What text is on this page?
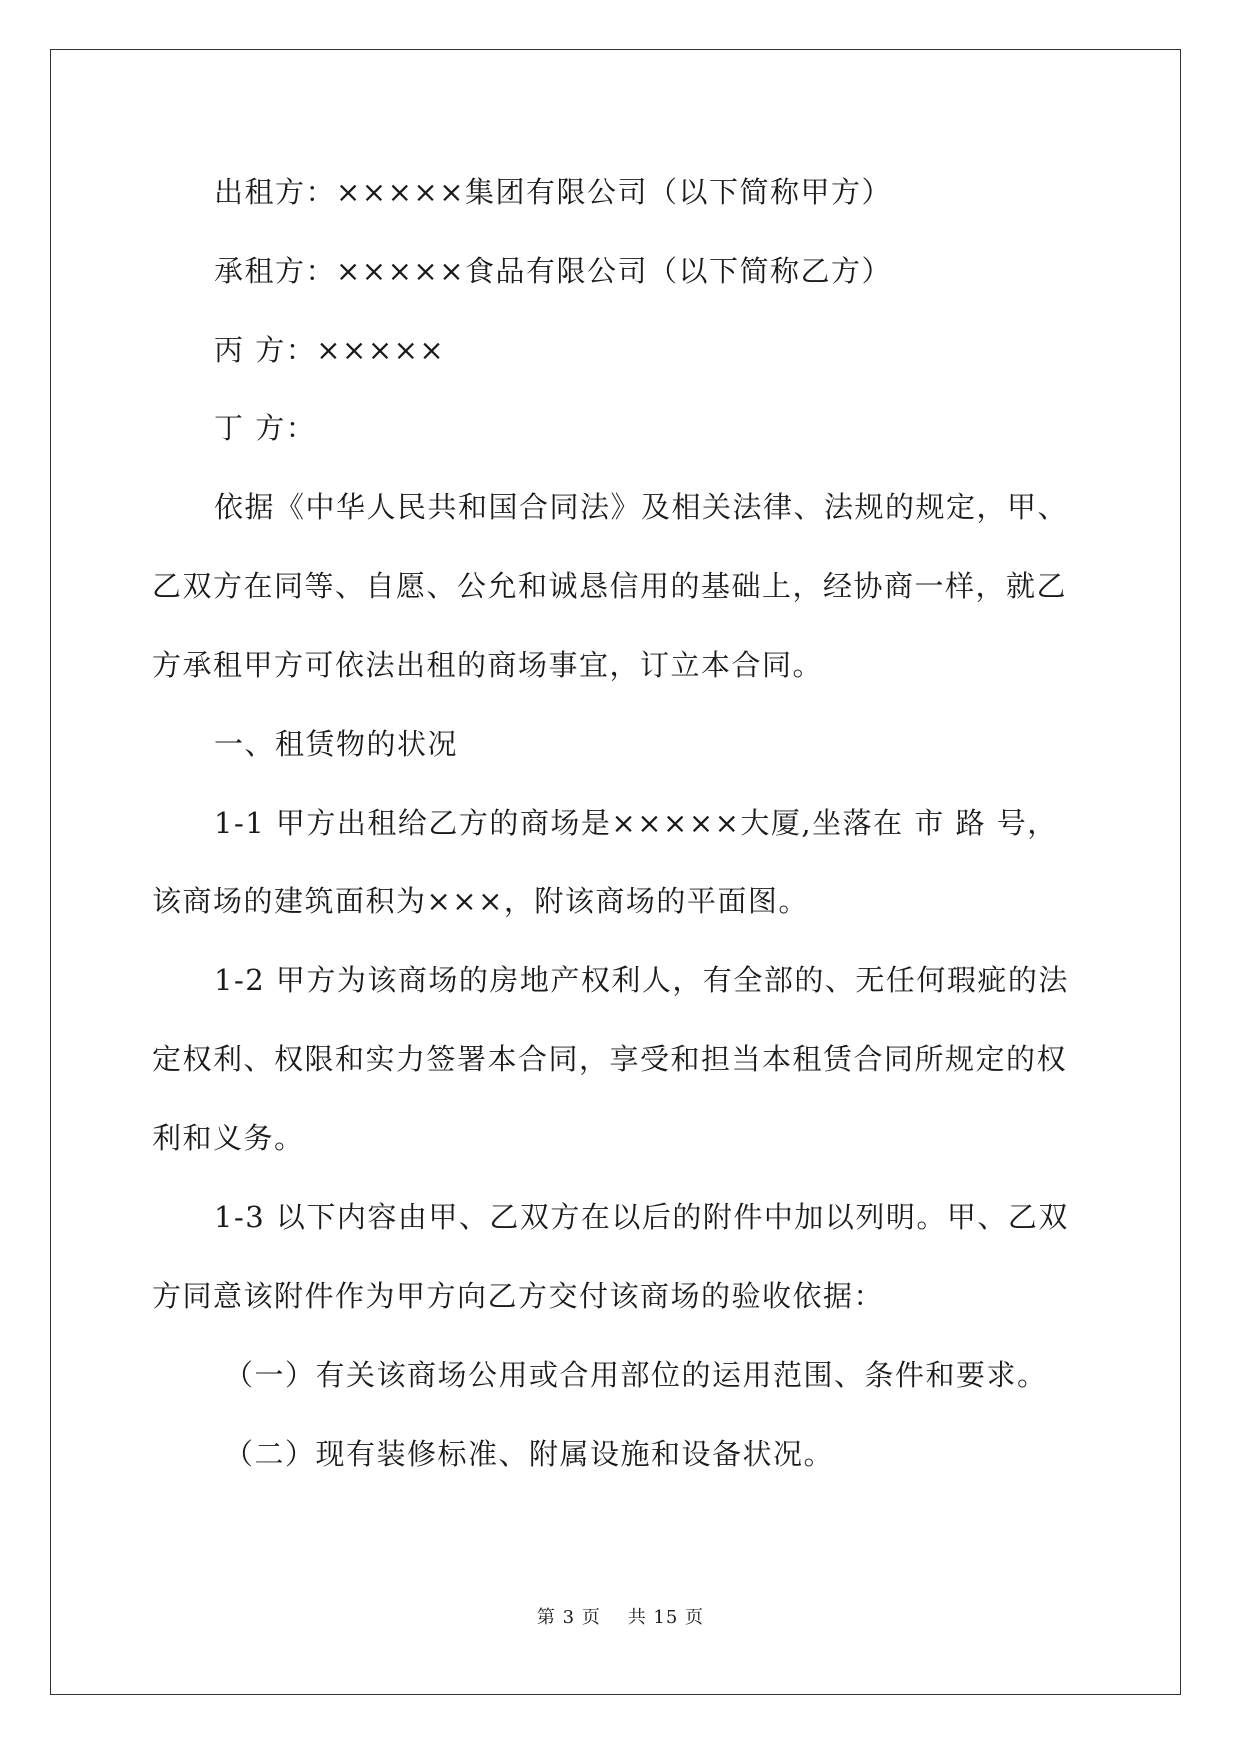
出租方：×××××集团有限公司（以下简称甲方）
承租方：×××××食品有限公司（以下简称乙方）
丙 方：×××××
丁 方：
依据《中华人民共和国合同法》及相关法律、法规的规定，甲、
乙双方在同等、自愿、公允和诚恳信用的基础上，经协商一样，就乙
方承租甲方可依法出租的商场事宜，订立本合同。
一、租赁物的状况
1-1 甲方出租给乙方的商场是×××××大厦,坐落在 市 路 号，
该商场的建筑面积为×××，附该商场的平面图。
1-2 甲方为该商场的房地产权利人，有全部的、无任何瑕疵的法
定权利、权限和实力签署本合同，享受和担当本租赁合同所规定的权
利和义务。
1-3 以下内容由甲、乙双方在以后的附件中加以列明。甲、乙双
方同意该附件作为甲方向乙方交付该商场的验收依据：
（一）有关该商场公用或合用部位的运用范围、条件和要求。
（二）现有装修标准、附属设施和设备状况。
第 3 页    共 15 页
